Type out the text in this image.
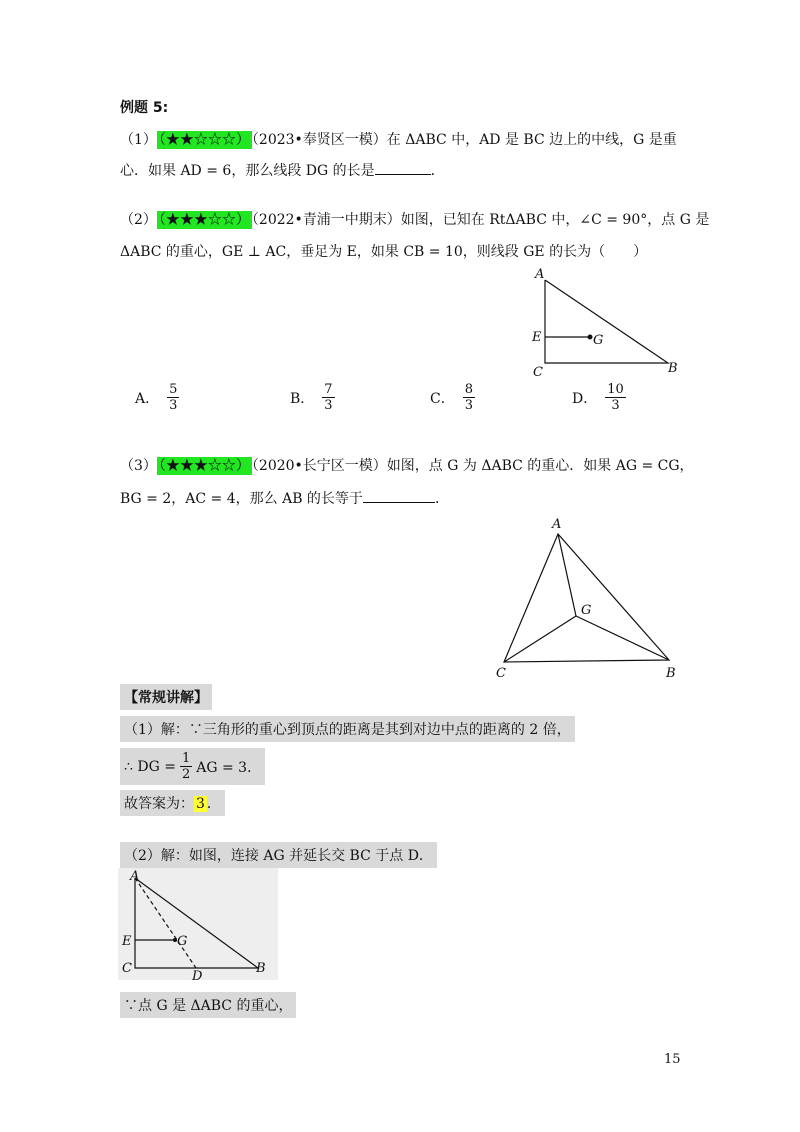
例题 5:
（1） （★★☆☆☆） （2023•奉贤区一模）在 ΔABC 中，AD 是 BC 边上的中线，G 是重
心．如果 AD = 6，那么线段 DG 的长是	．
（2） （★★★☆☆） （2022•青浦一中期末）如图，已知在 RtΔABC 中，∠C = 90°，点 G 是
ΔABC 的重心，GE ⊥ AC，垂足为 E，如果 CB = 10，则线段 GE 的长为（　　）
A
E	G
C	B
A． $\frac{5}{3}$	B． $\frac{7}{3}$	C． $\frac{8}{3}$	D． $\frac{10}{3}$
（3） （★★★☆☆） （2020•长宁区一模）如图，点 G 为 ΔABC 的重心．如果 AG = CG，
BG = 2，AC = 4，那么 AB 的长等于	．
A
G
C	B
【常规讲解】
（1）解：∵三角形的重心到顶点的距离是其到对边中点的距离的 2 倍，
∴ DG = $\frac{1}{2}$ AG = 3．
故答案为： 3 ．
（2）解：如图，连接 AG 并延长交 BC 于点 D．
A
E	G
C
D
B
∵点 G 是 ΔABC 的重心，
15
